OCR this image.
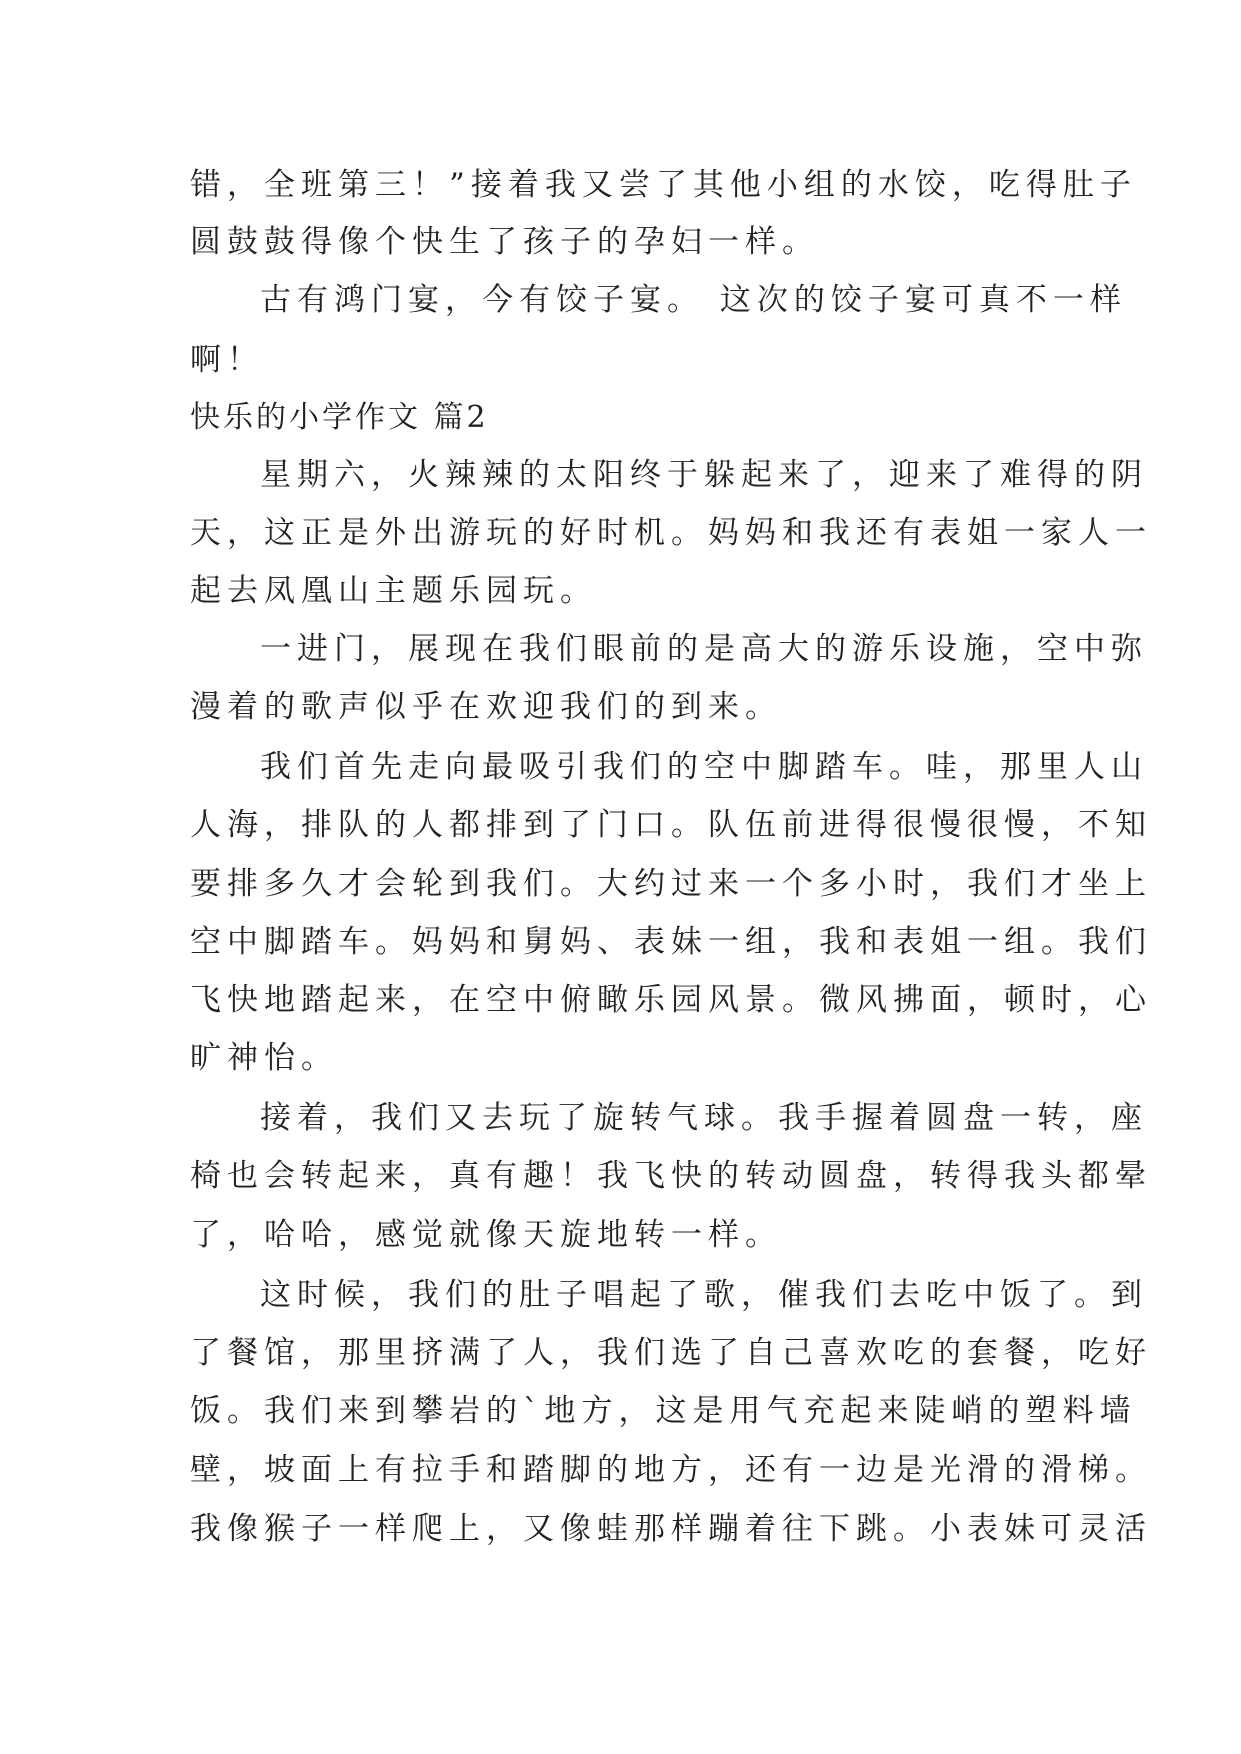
错，全班第三！”接着我又尝了其他小组的水饺，吃得肚子
圆鼓鼓得像个快生了孩子的孕妇一样。
古有鸿门宴，今有饺子宴。 这次的饺子宴可真不一样
啊！
快乐的小学作文 篇2
星期六，火辣辣的太阳终于躲起来了，迎来了难得的阴
天，这正是外出游玩的好时机。妈妈和我还有表姐一家人一
起去凤凰山主题乐园玩。
一进门，展现在我们眼前的是高大的游乐设施，空中弥
漫着的歌声似乎在欢迎我们的到来。
我们首先走向最吸引我们的空中脚踏车。哇，那里人山
人海，排队的人都排到了门口。队伍前进得很慢很慢，不知
要排多久才会轮到我们。大约过来一个多小时，我们才坐上
空中脚踏车。妈妈和舅妈、表妹一组，我和表姐一组。我们
飞快地踏起来，在空中俯瞰乐园风景。微风拂面，顿时，心
旷神怡。
接着，我们又去玩了旋转气球。我手握着圆盘一转，座
椅也会转起来，真有趣！我飞快的转动圆盘，转得我头都晕
了，哈哈，感觉就像天旋地转一样。
这时候，我们的肚子唱起了歌，催我们去吃中饭了。到
了餐馆，那里挤满了人，我们选了自己喜欢吃的套餐，吃好
饭。我们来到攀岩的`地方，这是用气充起来陡峭的塑料墙
壁，坡面上有拉手和踏脚的地方，还有一边是光滑的滑梯。
我像猴子一样爬上，又像蛙那样蹦着往下跳。小表妹可灵活
